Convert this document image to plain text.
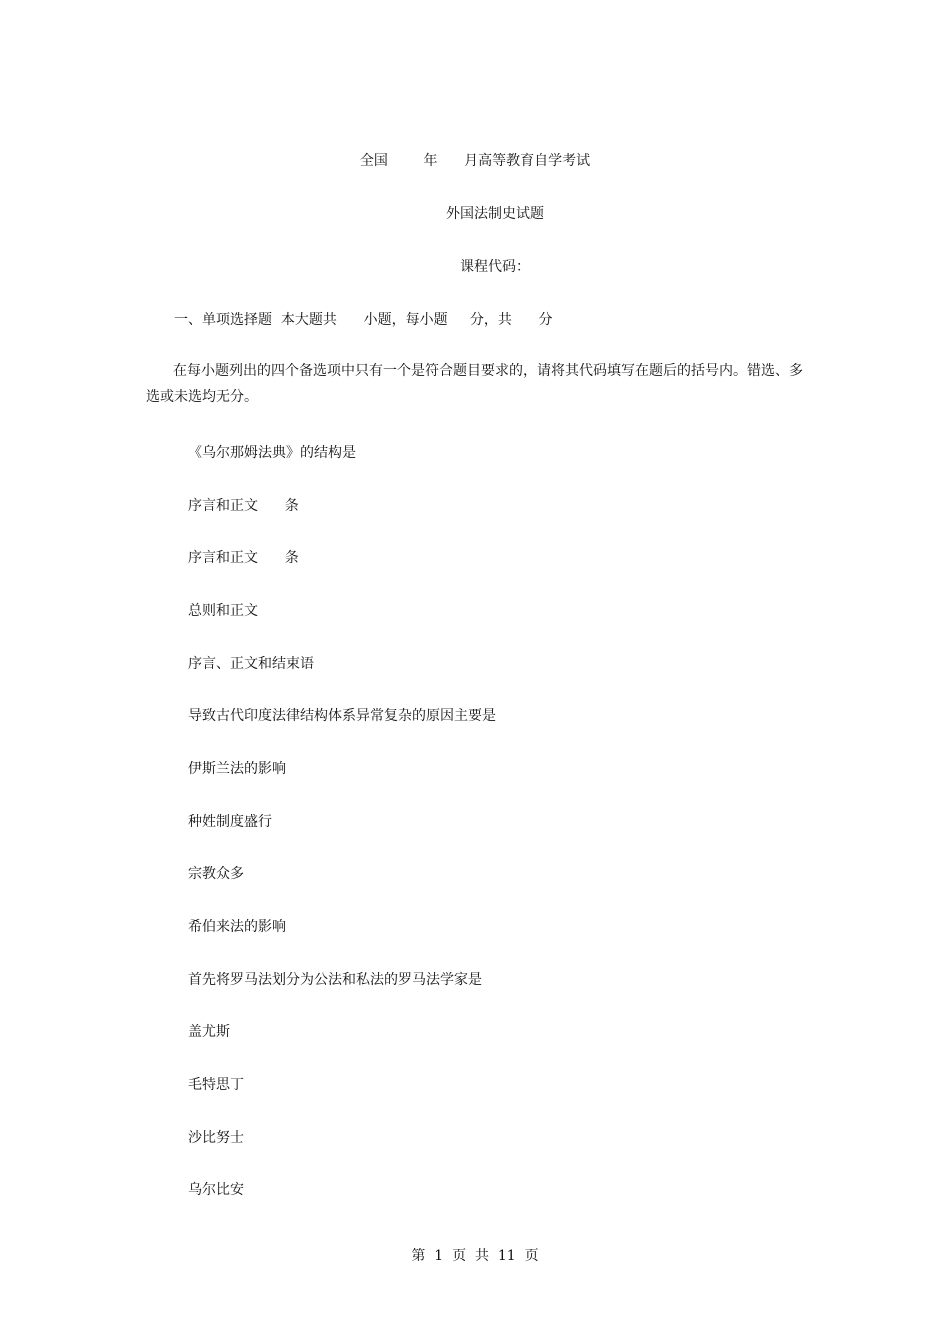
全国        年      月高等教育自学考试
外国法制史试题
课程代码：
一、单项选择题  本大题共      小题，每小题     分，共      分
在每小题列出的四个备选项中只有一个是符合题目要求的，请将其代码填写在题后的括号内。错选、多选或未选均无分。
《乌尔那姆法典》的结构是
序言和正文      条
序言和正文      条
总则和正文
序言、正文和结束语
导致古代印度法律结构体系异常复杂的原因主要是
伊斯兰法的影响
种姓制度盛行
宗教众多
希伯来法的影响
首先将罗马法划分为公法和私法的罗马法学家是
盖尤斯
毛特思丁
沙比努士
乌尔比安
第  1  页  共  11  页
